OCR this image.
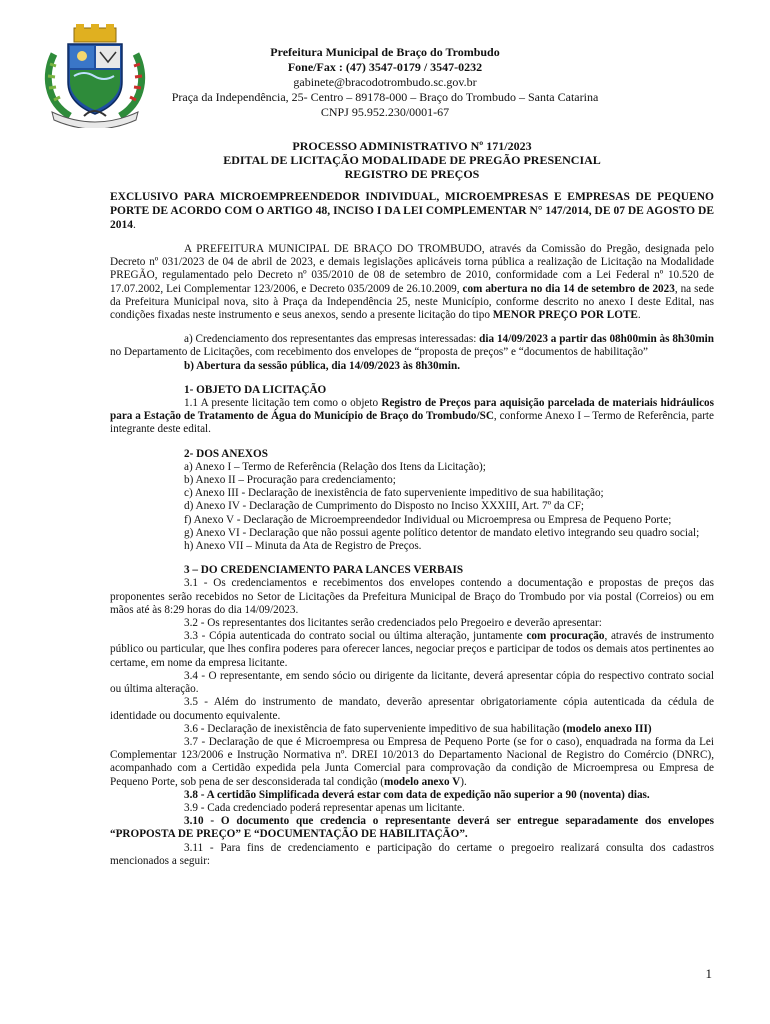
Prefeitura Municipal de Braço do Trombudo
Fone/Fax : (47) 3547-0179 / 3547-0232
gabinete@bracodotrombudo.sc.gov.br
Praça da Independência, 25- Centro – 89178-000 – Braço do Trombudo – Santa Catarina
CNPJ 95.952.230/0001-67
PROCESSO ADMINISTRATIVO Nº 171/2023
EDITAL DE LICITAÇÃO MODALIDADE DE PREGÃO PRESENCIAL
REGISTRO DE PREÇOS

EXCLUSIVO PARA MICROEMPREENDEDOR INDIVIDUAL, MICROEMPRESAS E EMPRESAS DE PEQUENO PORTE DE ACORDO COM O ARTIGO 48, INCISO I DA LEI COMPLEMENTAR N° 147/2014, DE 07 DE AGOSTO DE 2014.

A PREFEITURA MUNICIPAL DE BRAÇO DO TROMBUDO, através da Comissão do Pregão, designada pelo Decreto nº 031/2023 de 04 de abril de 2023, e demais legislações aplicáveis torna pública a realização de Licitação na Modalidade PREGÃO, regulamentado pelo Decreto nº 035/2010 de 08 de setembro de 2010, conformidade com a Lei Federal nº 10.520 de 17.07.2002, Lei Complementar 123/2006, e Decreto 035/2009 de 26.10.2009, com abertura no dia 14 de setembro de 2023, na sede da Prefeitura Municipal nova, sito à Praça da Independência 25, neste Município, conforme descrito no anexo I deste Edital, nas condições fixadas neste instrumento e seus anexos, sendo a presente licitação do tipo MENOR PREÇO POR LOTE.

a) Credenciamento dos representantes das empresas interessadas: dia 14/09/2023 a partir das 08h00min às 8h30min no Departamento de Licitações, com recebimento dos envelopes de “proposta de preços” e “documentos de habilitação”

b) Abertura da sessão pública, dia 14/09/2023 às 8h30min.

1- OBJETO DA LICITAÇÃO

1.1 A presente licitação tem como o objeto Registro de Preços para aquisição parcelada de materiais hidráulicos para a Estação de Tratamento de Água do Município de Braço do Trombudo/SC, conforme Anexo I – Termo de Referência, parte integrante deste edital.

2- DOS ANEXOS

a) Anexo I – Termo de Referência (Relação dos Itens da Licitação);

b) Anexo II – Procuração para credenciamento;

c) Anexo III - Declaração de inexistência de fato superveniente impeditivo de sua habilitação;

d) Anexo IV - Declaração de Cumprimento do Disposto no Inciso XXXIII, Art. 7º da CF;

f) Anexo V - Declaração de Microempreendedor Individual ou Microempresa ou Empresa de Pequeno Porte;

g) Anexo VI - Declaração que não possui agente político detentor de mandato eletivo integrando seu quadro social;

h) Anexo VII – Minuta da Ata de Registro de Preços.

3 – DO CREDENCIAMENTO PARA LANCES VERBAIS

3.1 - Os credenciamentos e recebimentos dos envelopes contendo a documentação e propostas de preços das proponentes serão recebidos no Setor de Licitações da Prefeitura Municipal de Braço do Trombudo por via postal (Correios) ou em mãos até às 8:29 horas do dia 14/09/2023.

3.2 - Os representantes dos licitantes serão credenciados pelo Pregoeiro e deverão apresentar:

3.3 - Cópia autenticada do contrato social ou última alteração, juntamente com procuração, através de instrumento público ou particular, que lhes confira poderes para oferecer lances, negociar preços e participar de todos os demais atos pertinentes ao certame, em nome da empresa licitante.

3.4 - O representante, em sendo sócio ou dirigente da licitante, deverá apresentar cópia do respectivo contrato social ou última alteração.

3.5 - Além do instrumento de mandato, deverão apresentar obrigatoriamente cópia autenticada da cédula de identidade ou documento equivalente.

3.6 - Declaração de inexistência de fato superveniente impeditivo de sua habilitação (modelo anexo III)

3.7 - Declaração de que é Microempresa ou Empresa de Pequeno Porte (se for o caso), enquadrada na forma da Lei Complementar 123/2006 e Instrução Normativa nº. DREI 10/2013 do Departamento Nacional de Registro do Comércio (DNRC), acompanhado com a Certidão expedida pela Junta Comercial para comprovação da condição de Microempresa ou Empresa de Pequeno Porte, sob pena de ser desconsiderada tal condição (modelo anexo V).

3.8 - A certidão Simplificada deverá estar com data de expedição não superior a 90 (noventa) dias.

3.9 - Cada credenciado poderá representar apenas um licitante.

3.10 - O documento que credencia o representante deverá ser entregue separadamente dos envelopes “PROPOSTA DE PREÇO” E “DOCUMENTAÇÃO DE HABILITAÇÃO”.

3.11 - Para fins de credenciamento e participação do certame o pregoeiro realizará consulta dos cadastros mencionados a seguir:

1
